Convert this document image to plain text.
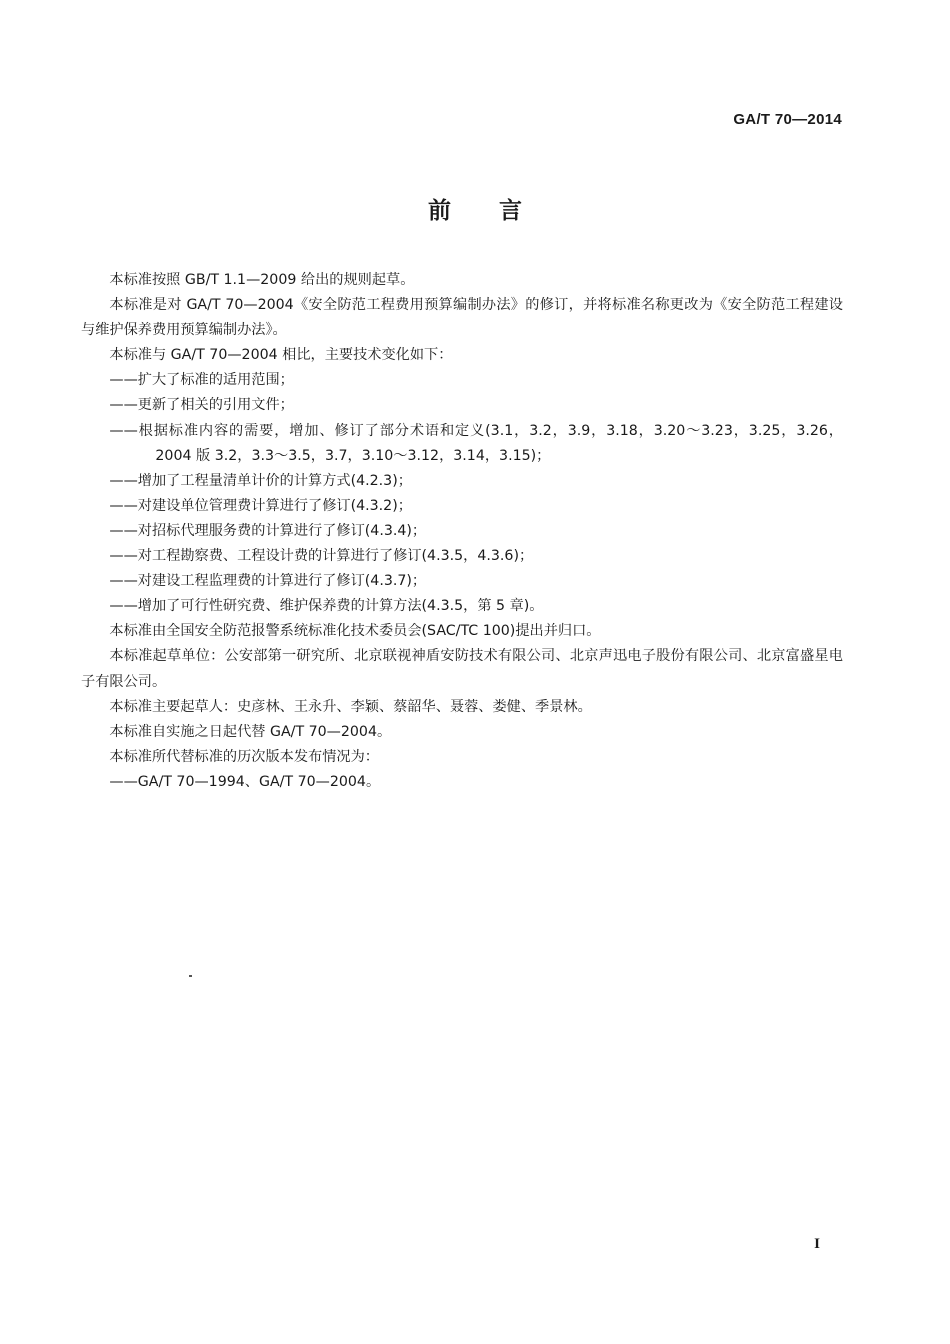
GA/T 70—2014
前言

本标准按照 GB/T 1.1—2009 给出的规则起草。

本标准是对 GA/T 70—2004《安全防范工程费用预算编制办法》的修订，并将标准名称更改为《安全防范工程建设与维护保养费用预算编制办法》。

本标准与 GA/T 70—2004 相比，主要技术变化如下：

——扩大了标准的适用范围；

——更新了相关的引用文件；

——根据标准内容的需要，增加、修订了部分术语和定义(3.1，3.2，3.9，3.18，3.20～3.23，3.25，3.26，2004 版 3.2，3.3～3.5，3.7，3.10～3.12，3.14，3.15)；

——增加了工程量清单计价的计算方式(4.2.3)；

——对建设单位管理费计算进行了修订(4.3.2)；

——对招标代理服务费的计算进行了修订(4.3.4)；

——对工程勘察费、工程设计费的计算进行了修订(4.3.5，4.3.6)；

——对建设工程监理费的计算进行了修订(4.3.7)；

——增加了可行性研究费、维护保养费的计算方法(4.3.5，第 5 章)。

本标准由全国安全防范报警系统标准化技术委员会(SAC/TC 100)提出并归口。

本标准起草单位：公安部第一研究所、北京联视神盾安防技术有限公司、北京声迅电子股份有限公司、北京富盛星电子有限公司。

本标准主要起草人：史彦林、王永升、李颖、蔡韶华、聂蓉、娄健、季景林。

本标准自实施之日起代替 GA/T 70—2004。

本标准所代替标准的历次版本发布情况为：

——GA/T 70—1994、GA/T 70—2004。

I
